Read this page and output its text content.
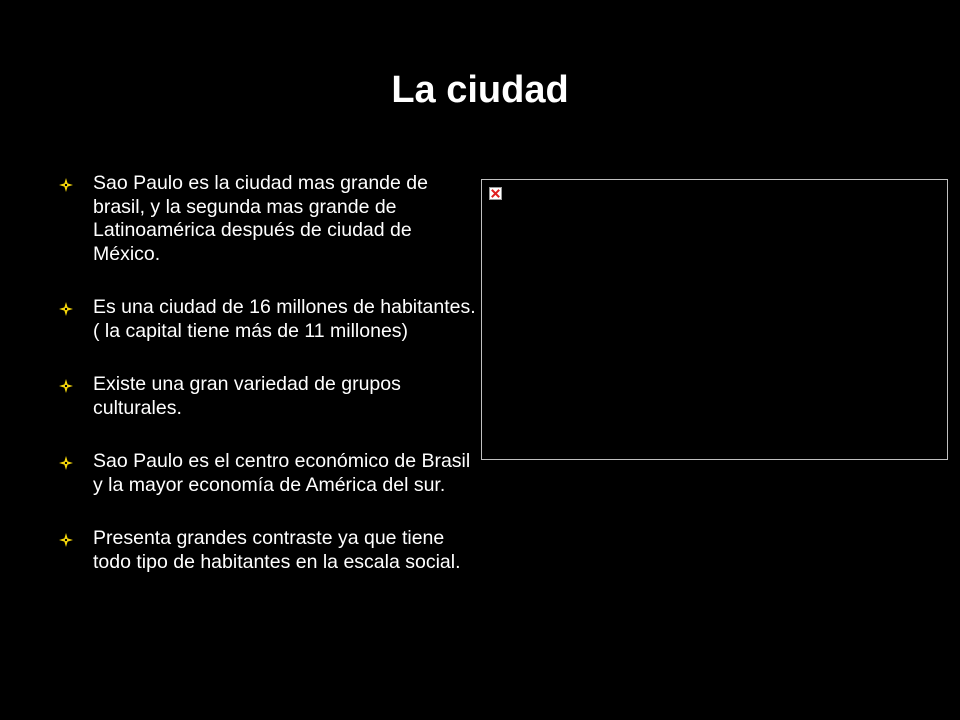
La ciudad
Sao Paulo es la ciudad mas grande de brasil, y la segunda mas grande de Latinoamérica después de ciudad de México.
Es una ciudad de 16 millones de habitantes.( la capital tiene más de 11 millones)
Existe una gran variedad de grupos culturales.
Sao Paulo es el centro económico de Brasil y la mayor economía de América del sur.
Presenta grandes contraste ya que tiene todo tipo de habitantes en la escala social.
